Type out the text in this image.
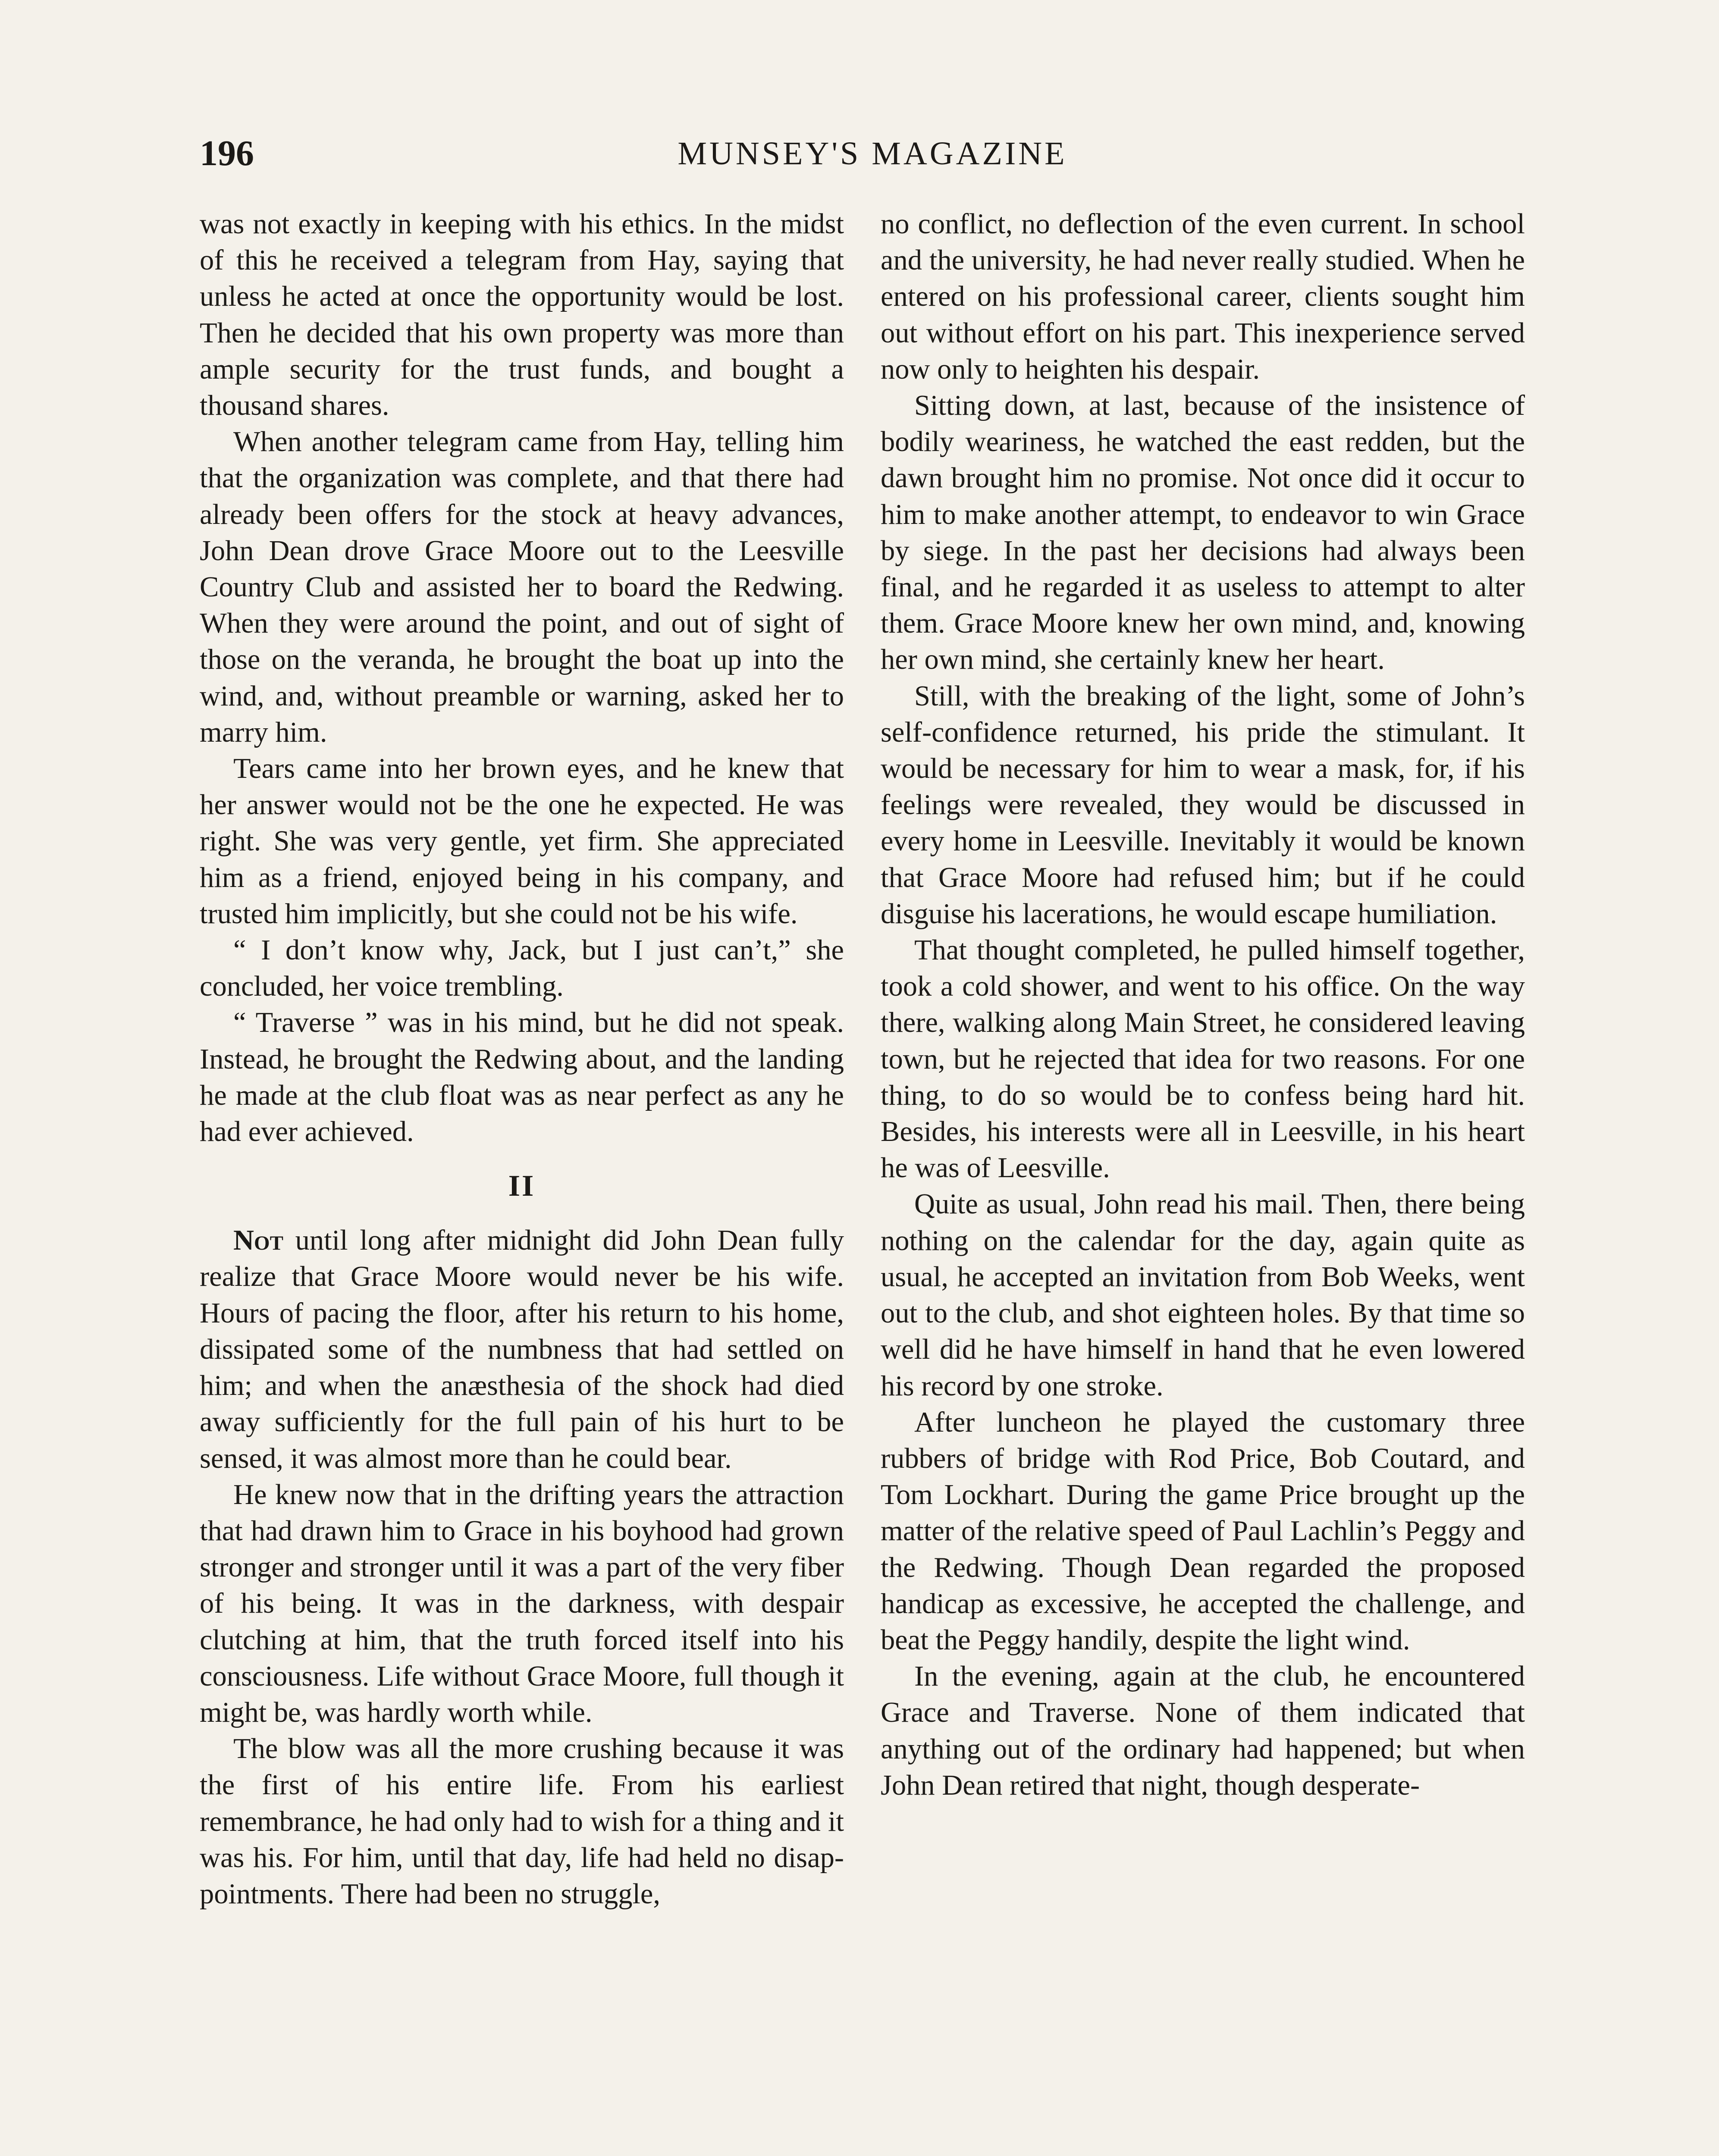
196	MUNSEY'S MAGAZINE

was not exactly in keeping with his ethics. In the midst of this he received a telegram from Hay, saying that unless he acted at once the opportunity would be lost. Then he decided that his own property was more than ample security for the trust funds, and bought a thousand shares.

When another telegram came from Hay, telling him that the organization was complete, and that there had already been offers for the stock at heavy advances, John Dean drove Grace Moore out to the Leesville Country Club and assisted her to board the Redwing. When they were around the point, and out of sight of those on the veranda, he brought the boat up into the wind, and, without preamble or warning, asked her to marry him.

Tears came into her brown eyes, and he knew that her answer would not be the one he expected. He was right. She was very gentle, yet firm. She appreciated him as a friend, enjoyed being in his company, and trusted him implicitly, but she could not be his wife.

“ I don’t know why, Jack, but I just can’t,” she concluded, her voice trembling.

“ Traverse ” was in his mind, but he did not speak. Instead, he brought the Redwing about, and the landing he made at the club float was as near perfect as any he had ever achieved.

II

Not until long after midnight did John Dean fully realize that Grace Moore would never be his wife. Hours of pacing the floor, after his return to his home, dissipated some of the numbness that had settled on him; and when the anæsthesia of the shock had died away sufficiently for the full pain of his hurt to be sensed, it was almost more than he could bear.

He knew now that in the drifting years the attraction that had drawn him to Grace in his boyhood had grown stronger and stronger until it was a part of the very fiber of his being. It was in the darkness, with despair clutching at him, that the truth forced itself into his consciousness. Life without Grace Moore, full though it might be, was hardly worth while.

The blow was all the more crushing because it was the first of his entire life. From his earliest remembrance, he had only had to wish for a thing and it was his. For him, until that day, life had held no disappointments. There had been no struggle,

no conflict, no deflection of the even current. In school and the university, he had never really studied. When he entered on his professional career, clients sought him out without effort on his part. This inexperience served now only to heighten his despair.

Sitting down, at last, because of the insistence of bodily weariness, he watched the east redden, but the dawn brought him no promise. Not once did it occur to him to make another attempt, to endeavor to win Grace by siege. In the past her decisions had always been final, and he regarded it as useless to attempt to alter them. Grace Moore knew her own mind, and, knowing her own mind, she certainly knew her heart.

Still, with the breaking of the light, some of John’s self-confidence returned, his pride the stimulant. It would be necessary for him to wear a mask, for, if his feelings were revealed, they would be discussed in every home in Leesville. Inevitably it would be known that Grace Moore had refused him; but if he could disguise his lacerations, he would escape humiliation.

That thought completed, he pulled himself together, took a cold shower, and went to his office. On the way there, walking along Main Street, he considered leaving town, but he rejected that idea for two reasons. For one thing, to do so would be to confess being hard hit. Besides, his interests were all in Leesville, in his heart he was of Leesville.

Quite as usual, John read his mail. Then, there being nothing on the calendar for the day, again quite as usual, he accepted an invitation from Bob Weeks, went out to the club, and shot eighteen holes. By that time so well did he have himself in hand that he even lowered his record by one stroke.

After luncheon he played the customary three rubbers of bridge with Rod Price, Bob Coutard, and Tom Lockhart. During the game Price brought up the matter of the relative speed of Paul Lachlin’s Peggy and the Redwing. Though Dean regarded the proposed handicap as excessive, he accepted the challenge, and beat the Peggy handily, despite the light wind.

In the evening, again at the club, he encountered Grace and Traverse. None of them indicated that anything out of the ordinary had happened; but when John Dean retired that night, though desperate-
